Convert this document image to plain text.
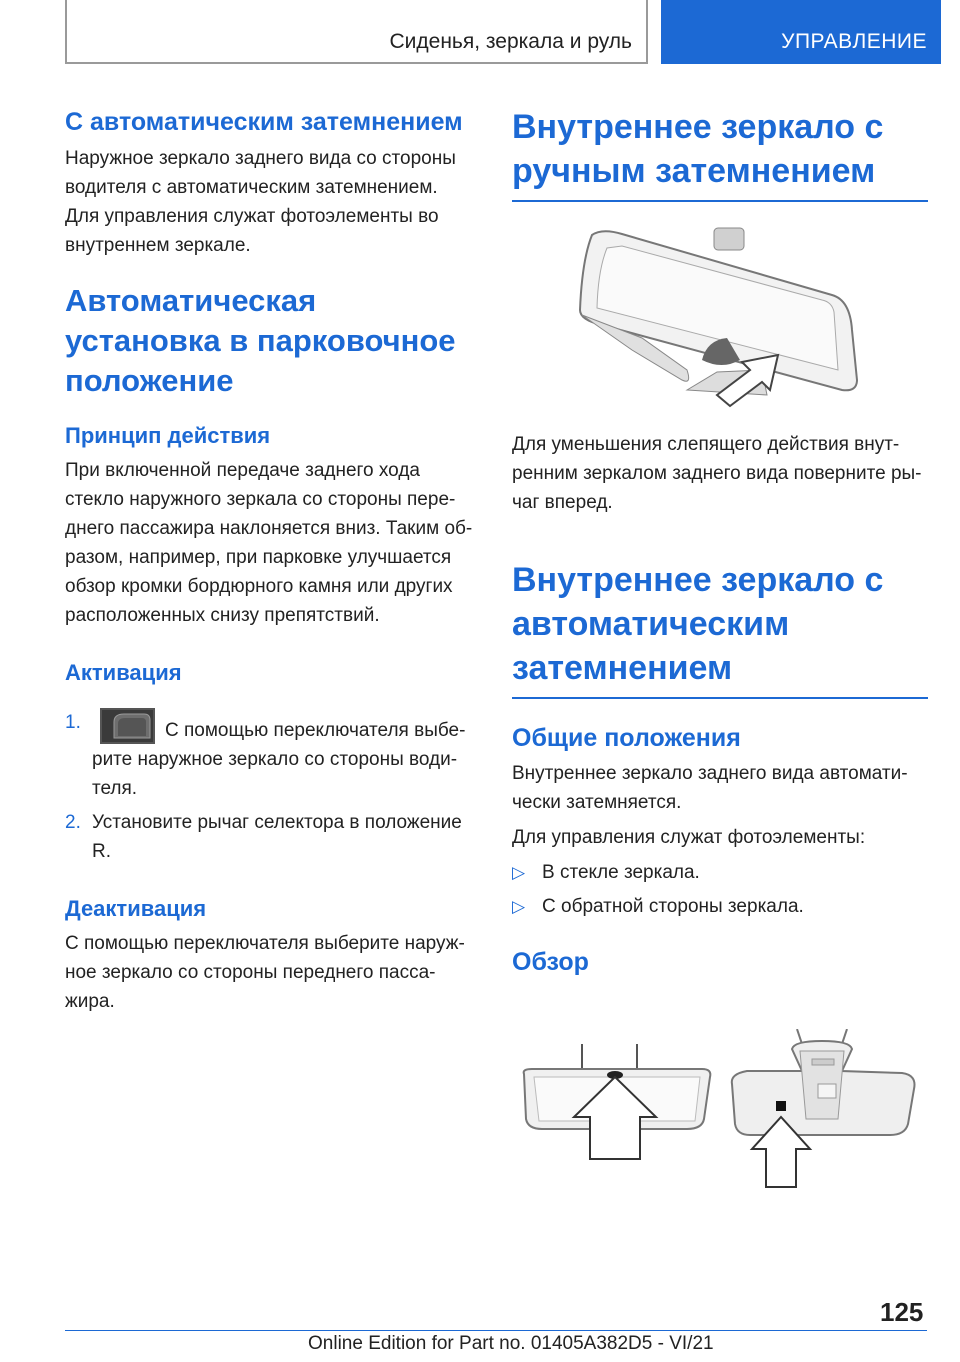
Сиденья, зеркала и руль	УПРАВЛЕНИЕ
С автоматическим затемнением

Наружное зеркало заднего вида со стороны водителя с автоматическим затемнением. Для управления служат фотоэлементы во внутреннем зеркале.

Автоматическая установка в парковочное положение
Принцип действия

При включенной передаче заднего хода стекло наружного зеркала со стороны переднего пассажира наклоняется вниз. Таким образом, например, при парковке улучшается обзор кромки бордюрного камня или других расположенных снизу препятствий.

Активация
1.	С помощью переключателя выберите наружное зеркало со стороны водителя.
2. Установите рычаг селектора в положение R.
Деактивация

С помощью переключателя выберите наружное зеркало со стороны переднего пассажира.

Внутреннее зеркало с ручным затемнением

Для уменьшения слепящего действия внутренним зеркалом заднего вида поверните рычаг вперед.

Внутреннее зеркало с автоматическим затемнением
Общие положения

Внутреннее зеркало заднего вида автоматически затемняется.

Для управления служат фотоэлементы:

▷ В стекле зеркала.
▷ С обратной стороны зеркала.
Обзор
125
Online Edition for Part no. 01405A382D5 - VI/21
